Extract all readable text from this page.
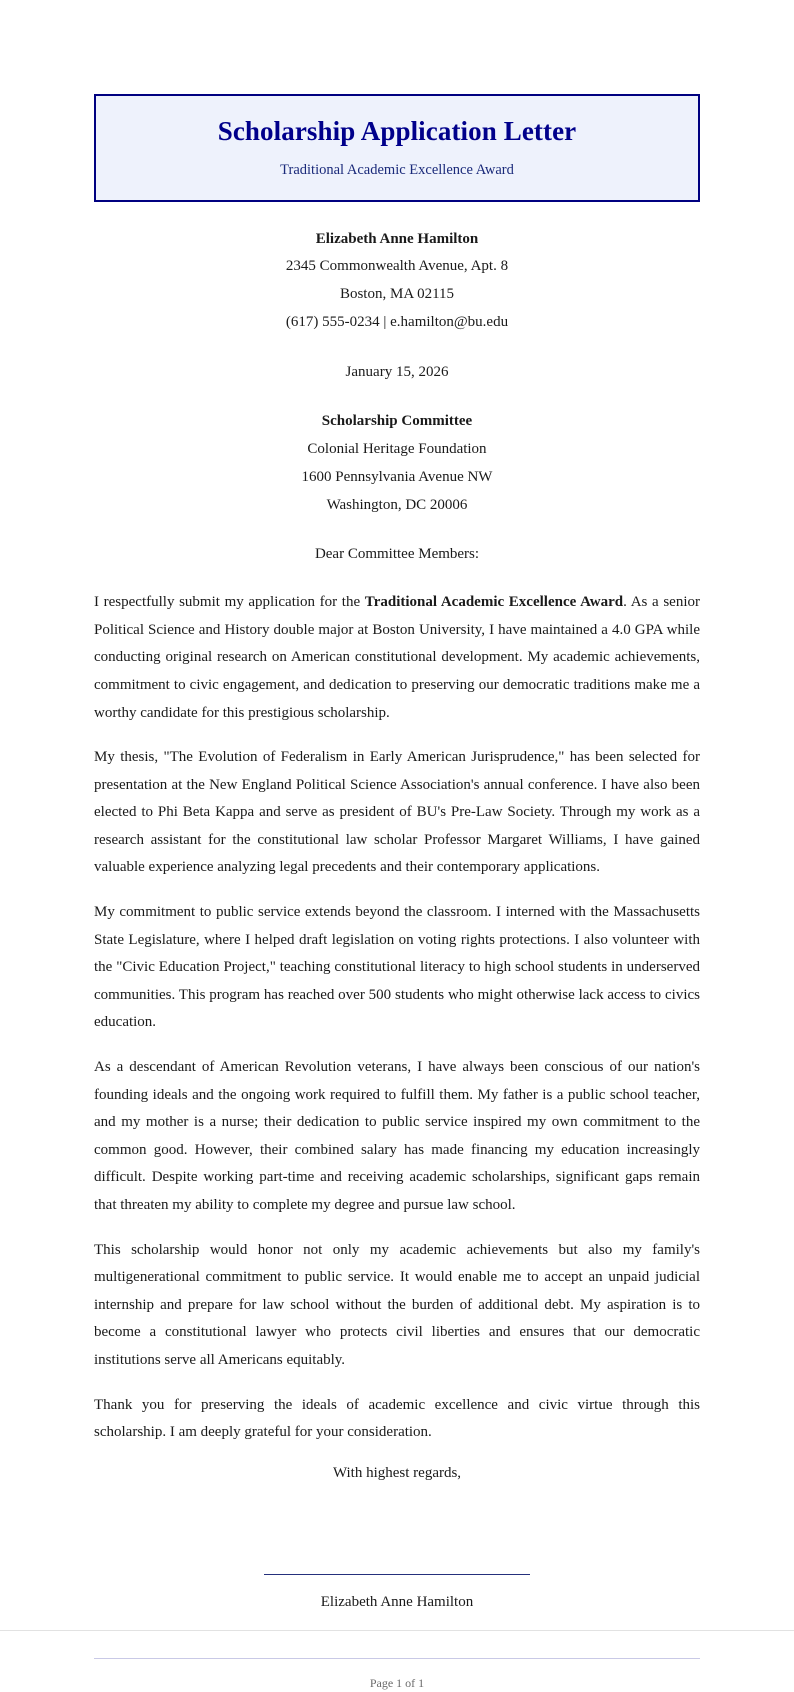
Scholarship Application Letter
Traditional Academic Excellence Award
Elizabeth Anne Hamilton
2345 Commonwealth Avenue, Apt. 8
Boston, MA 02115
(617) 555-0234 | e.hamilton@bu.edu
January 15, 2026
Scholarship Committee
Colonial Heritage Foundation
1600 Pennsylvania Avenue NW
Washington, DC 20006
Dear Committee Members:

I respectfully submit my application for the Traditional Academic Excellence Award. As a senior Political Science and History double major at Boston University, I have maintained a 4.0 GPA while conducting original research on American constitutional development. My academic achievements, commitment to civic engagement, and dedication to preserving our democratic traditions make me a worthy candidate for this prestigious scholarship.

My thesis, "The Evolution of Federalism in Early American Jurisprudence," has been selected for presentation at the New England Political Science Association's annual conference. I have also been elected to Phi Beta Kappa and serve as president of BU's Pre-Law Society. Through my work as a research assistant for the constitutional law scholar Professor Margaret Williams, I have gained valuable experience analyzing legal precedents and their contemporary applications.

My commitment to public service extends beyond the classroom. I interned with the Massachusetts State Legislature, where I helped draft legislation on voting rights protections. I also volunteer with the "Civic Education Project," teaching constitutional literacy to high school students in underserved communities. This program has reached over 500 students who might otherwise lack access to civics education.

As a descendant of American Revolution veterans, I have always been conscious of our nation's founding ideals and the ongoing work required to fulfill them. My father is a public school teacher, and my mother is a nurse; their dedication to public service inspired my own commitment to the common good. However, their combined salary has made financing my education increasingly difficult. Despite working part-time and receiving academic scholarships, significant gaps remain that threaten my ability to complete my degree and pursue law school.

This scholarship would honor not only my academic achievements but also my family's multigenerational commitment to public service. It would enable me to accept an unpaid judicial internship and prepare for law school without the burden of additional debt. My aspiration is to become a constitutional lawyer who protects civil liberties and ensures that our democratic institutions serve all Americans equitably.

Thank you for preserving the ideals of academic excellence and civic virtue through this scholarship. I am deeply grateful for your consideration.

With highest regards,
Elizabeth Anne Hamilton
Page 1 of 1
